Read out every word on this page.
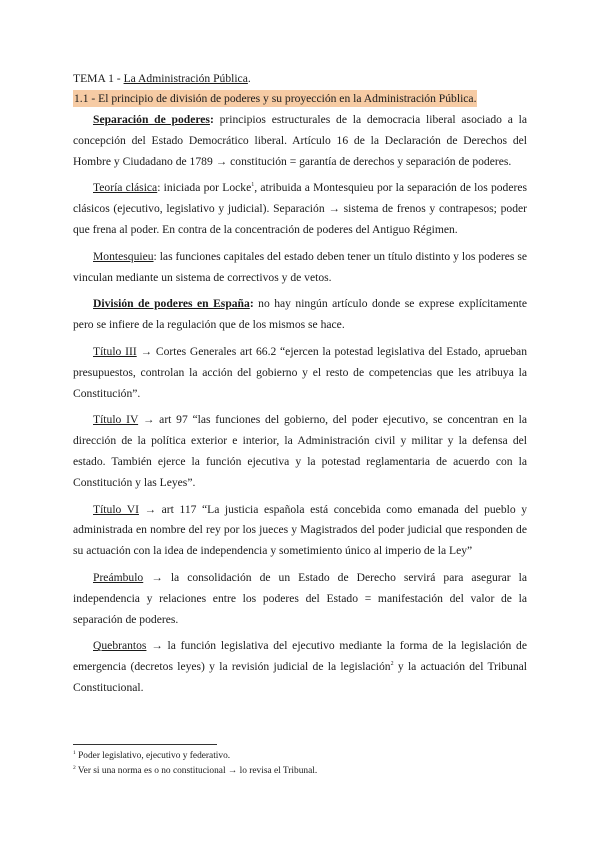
TEMA 1 - La Administración Pública.
1.1 - El principio de división de poderes y su proyección en la Administración Pública.

Separación de poderes: principios estructurales de la democracia liberal asociado a la concepción del Estado Democrático liberal. Artículo 16 de la Declaración de Derechos del Hombre y Ciudadano de 1789 → constitución = garantía de derechos y separación de poderes.

Teoría clásica: iniciada por Locke$^1$, atribuida a Montesquieu por la separación de los poderes clásicos (ejecutivo, legislativo y judicial). Separación → sistema de frenos y contrapesos; poder que frena al poder. En contra de la concentración de poderes del Antiguo Régimen.

Montesquieu: las funciones capitales del estado deben tener un título distinto y los poderes se vinculan mediante un sistema de correctivos y de vetos.

División de poderes en España: no hay ningún artículo donde se exprese explícitamente pero se infiere de la regulación que de los mismos se hace.

Título III → Cortes Generales art 66.2 “ejercen la potestad legislativa del Estado, aprueban presupuestos, controlan la acción del gobierno y el resto de competencias que les atribuya la Constitución”.

Título IV → art 97 “las funciones del gobierno, del poder ejecutivo, se concentran en la dirección de la política exterior e interior, la Administración civil y militar y la defensa del estado. También ejerce la función ejecutiva y la potestad reglamentaria de acuerdo con la Constitución y las Leyes”.

Título VI → art 117 “La justicia española está concebida como emanada del pueblo y administrada en nombre del rey por los jueces y Magistrados del poder judicial que responden de su actuación con la idea de independencia y sometimiento único al imperio de la Ley”

Preámbulo → la consolidación de un Estado de Derecho servirá para asegurar la independencia y relaciones entre los poderes del Estado = manifestación del valor de la separación de poderes.

Quebrantos → la función legislativa del ejecutivo mediante la forma de la legislación de emergencia (decretos leyes) y la revisión judicial de la legislación$^2$ y la actuación del Tribunal Constitucional.

$^1$ Poder legislativo, ejecutivo y federativo.

$^2$ Ver si una norma es o no constitucional → lo revisa el Tribunal.
